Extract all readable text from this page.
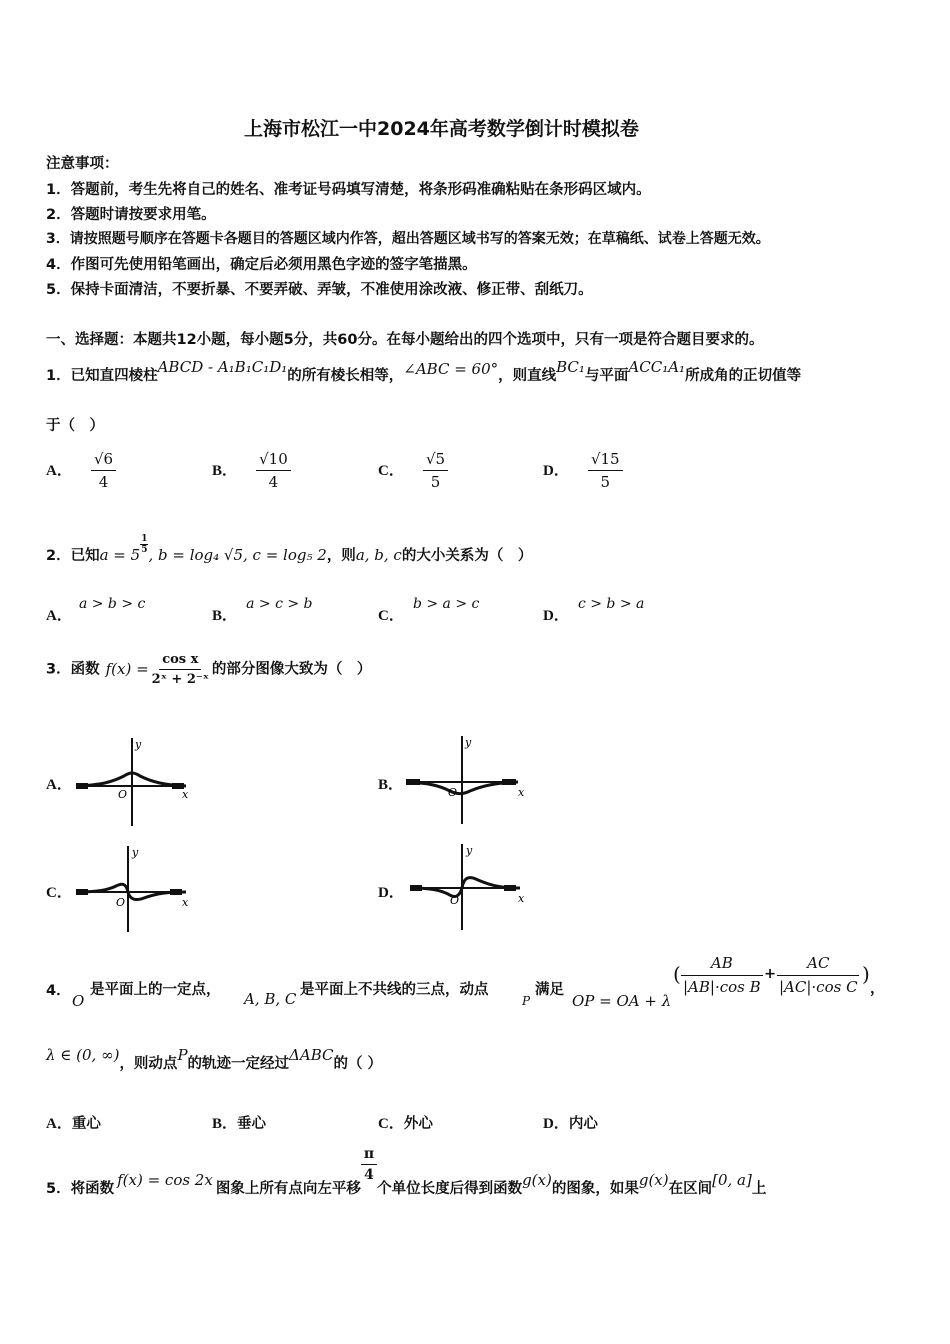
上海市松江一中2024年高考数学倒计时模拟卷
注意事项：
1．答题前，考生先将自己的姓名、准考证号码填写清楚，将条形码准确粘贴在条形码区域内。
2．答题时请按要求用笔。
3．请按照题号顺序在答题卡各题目的答题区域内作答，超出答题区域书写的答案无效；在草稿纸、试卷上答题无效。
4．作图可先使用铅笔画出，确定后必须用黑色字迹的签字笔描黑。
5．保持卡面清洁，不要折暴、不要弄破、弄皱，不准使用涂改液、修正带、刮纸刀。
一、选择题：本题共12小题，每小题5分，共60分。在每小题给出的四个选项中，只有一项是符合题目要求的。
1．已知直四棱柱ABCD - A₁B₁C₁D₁的所有棱长相等，∠ABC = 60°，则直线BC₁与平面ACC₁A₁所成角的正切值等
于（　）
A． $\frac{√6}{4}$	B． $\frac{√10}{4}$	C． $\frac{√5}{5}$	D． $\frac{√15}{5}$
2．已知a = 5
$\frac{1}{5}$
, b = log₄ √5, c = log₅ 2，则a, b, c的大小关系为（　）
A． a > b > c
B． a > c > b
C． b > a > c
D． c > b > a
3．函数 $f(x) = \frac{\text{cos x}}{\text{2ˣ + 2⁻ˣ}}$ 的部分图像大致为（　）
A．	B．
C．	D．
y
x
O
y
x
O
y
x
O
y
x
O
4．
O
是平面上的一定点， A, B, C 是平面上不共线的三点，动点
P
满足
OP = OA + λ
( $\frac{AB}{\text{|AB|·cos B}} + \frac{AC}{\text{|AC|·cos C}}$ )
，
λ ∈ (0, ∞)，则动点P的轨迹一定经过ΔABC的（ ）
A．重心	B．垂心	C．外心	D．内心
5．将函数 f(x) = cos 2x 图象上所有点向左平移
$\frac{\pi}{4}$
个单位长度后得到函数g(x)的图象，如果g(x)在区间[0, a]上
